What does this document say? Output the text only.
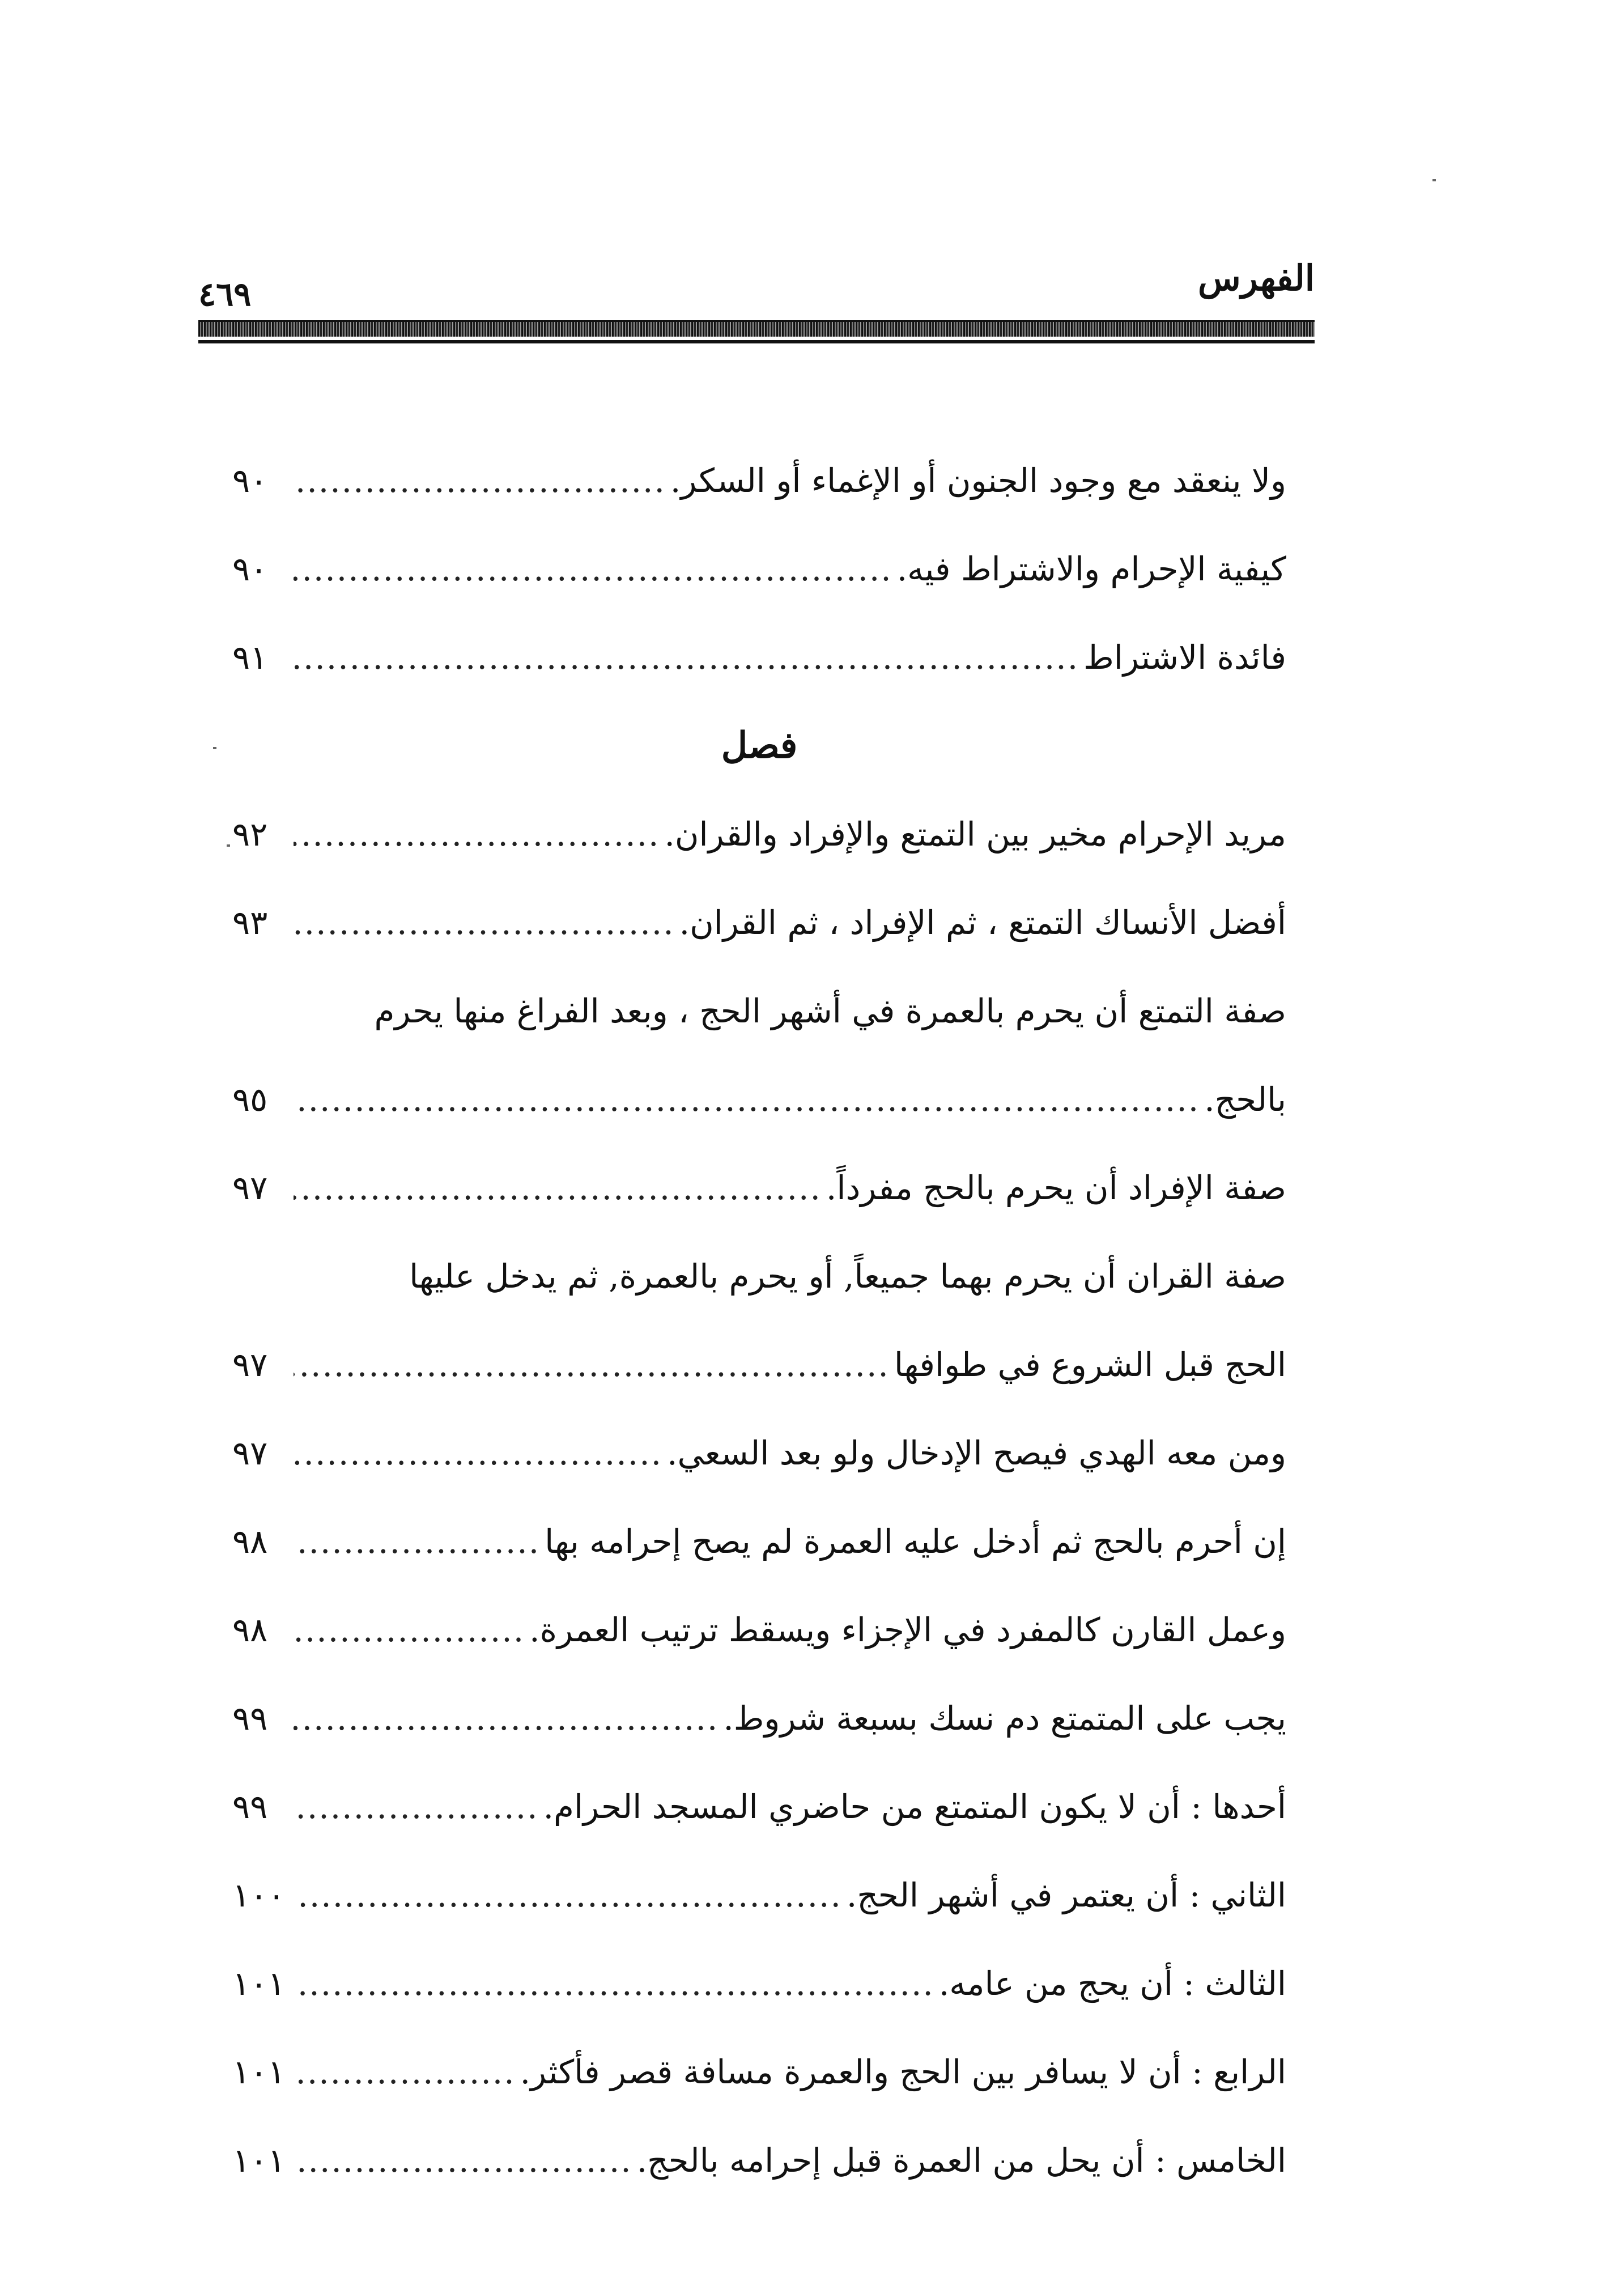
الفهرس
٤٦٩
ولا ينعقد مع وجود الجنون أو الإغماء أو السكر.
.....
٩٠
كيفية الإحرام والاشتراط فيه.
.....
٩٠
فائدة الاشتراط
.....
٩١
فصل
مريد الإحرام مخير بين التمتع والإفراد والقران.
.....
٩٢
أفضل الأنساك التمتع ، ثم الإفراد ، ثم القران.
.....
٩٣
صفة التمتع أن يحرم بالعمرة في أشهر الحج ، وبعد الفراغ منها يحرم
بالحج.
.....
٩٥
صفة الإفراد أن يحرم بالحج مفرداً.
.....
٩٧
صفة القران أن يحرم بهما جميعاً, أو يحرم بالعمرة, ثم يدخل عليها
الحج قبل الشروع في طوافها
.....
٩٧
ومن معه الهدي فيصح الإدخال ولو بعد السعي.
.....
٩٧
إن أحرم بالحج ثم أدخل عليه العمرة لم يصح إحرامه بها
.....
٩٨
وعمل القارن كالمفرد في الإجزاء ويسقط ترتيب العمرة.
.....
٩٨
يجب على المتمتع دم نسك بسبعة شروط.
.....
٩٩
أحدها : أن لا يكون المتمتع من حاضري المسجد الحرام.
.....
٩٩
الثاني : أن يعتمر في أشهر الحج.
.....
١٠٠
الثالث : أن يحج من عامه.
.....
١٠١
الرابع : أن لا يسافر بين الحج والعمرة مسافة قصر فأكثر.
.....
١٠١
الخامس : أن يحل من العمرة قبل إحرامه بالحج.
.....
١٠١
